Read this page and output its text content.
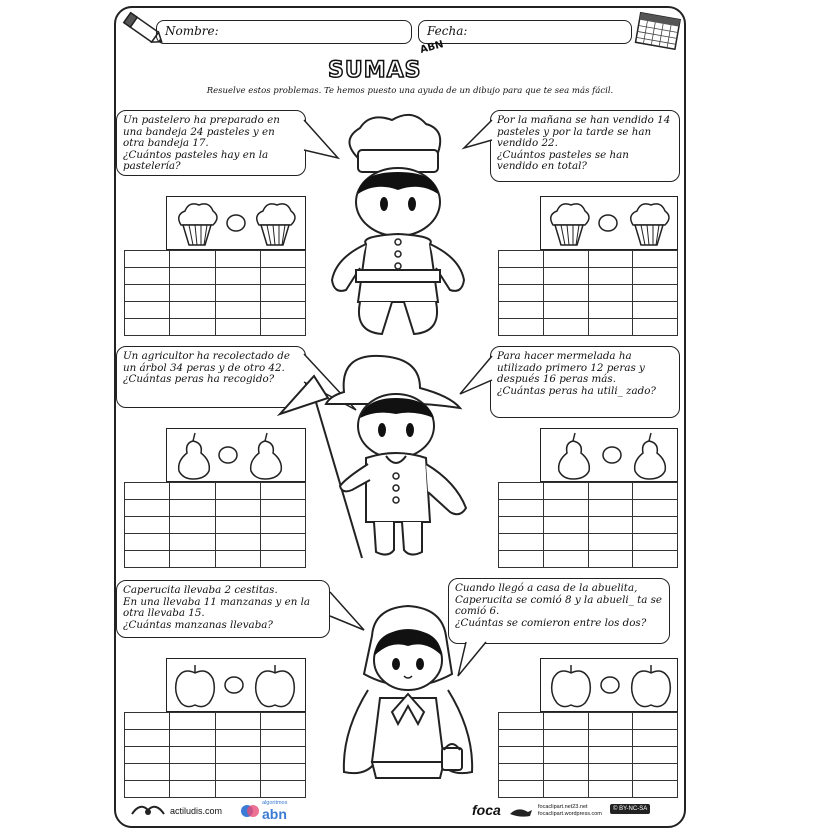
Nombre:	Fecha:
SUMAS
ABN
Resuelve estos problemas. Te hemos puesto una ayuda de un dibujo para que te sea más fácil.
Un pastelero ha preparado en una bandeja 24 pasteles y en otra bandeja 17.
¿Cuántos pasteles hay en la pastelería?
Por la mañana se han vendido 14 pasteles y por la tarde se han vendido 22.
¿Cuántos pasteles se han vendido en total?

Un agricultor ha recolectado de un árbol 34 peras y de otro 42.
¿Cuántas peras ha recogido?
Para hacer mermelada ha utilizado primero 12 peras y después 16 peras más.
¿Cuántas peras ha utili_ zado?

Caperucita llevaba 2 cestitas.
En una llevaba 11 manzanas y en la otra llevaba 15.
¿Cuántas manzanas llevaba?
Cuando llegó a casa de la abuelita, Caperucita se comió 8 y la abueli_ ta se comió 6.
¿Cuántas se comieron entre los dos?

actiludis.com
algoritmos
abn	foca	focaclipart.net23.net
focaclipart.wordpress.com
© BY-NC-SA
